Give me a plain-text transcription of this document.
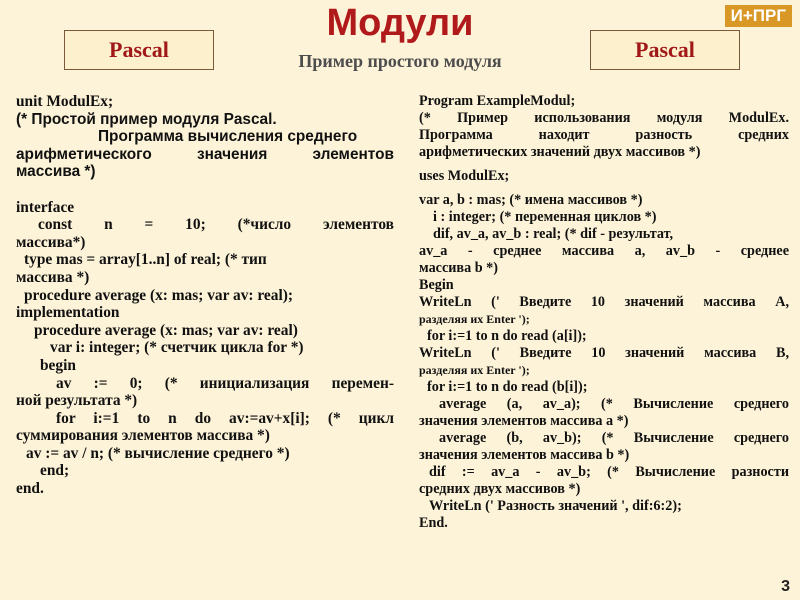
Модули	И+ПРГ
Pascal	Pascal
Пример простого модуля
unit ModulEx;
(* Простой пример модуля Pascal.
Программа вычисления среднего
арифметического значения элементов
массива *)
interface
const n = 10; (*число элементов
массива*)
type mas = array[1..n] of real; (* тип
массива *)
procedure average (x: mas; var av: real);
implementation
procedure average (x: mas; var av: real)
var i: integer; (* счетчик цикла for *)
begin
av := 0; (* инициализация перемен-
ной результата *)
for i:=1 to n do av:=av+x[i]; (* цикл
суммирования элементов массива *)
av := av / n; (* вычисление среднего *)
end;
end.
Program ExampleModul;
(* Пример использования модуля ModulEx.
Программа находит разность средних
арифметических значений двух массивов *)
uses ModulEx;
var a, b : mas; (* имена массивов *)
i : integer; (* переменная циклов *)
dif, av_a, av_b : real; (* dif - результат,
av_a - среднее массива a, av_b - среднее
массива b *)
Begin
WriteLn (' Введите 10 значений массива A,
разделяя их Enter ');
for i:=1 to n do read (a[i]);
WriteLn (' Введите 10 значений массива B,
разделяя их Enter ');
for i:=1 to n do read (b[i]);
average (a, av_a); (* Вычисление среднего
значения элементов массива a *)
average (b, av_b); (* Вычисление среднего
значения элементов массива b *)
dif := av_a - av_b; (* Вычисление разности
средних двух массивов *)
WriteLn (' Разность значений ', dif:6:2);
End.
3
